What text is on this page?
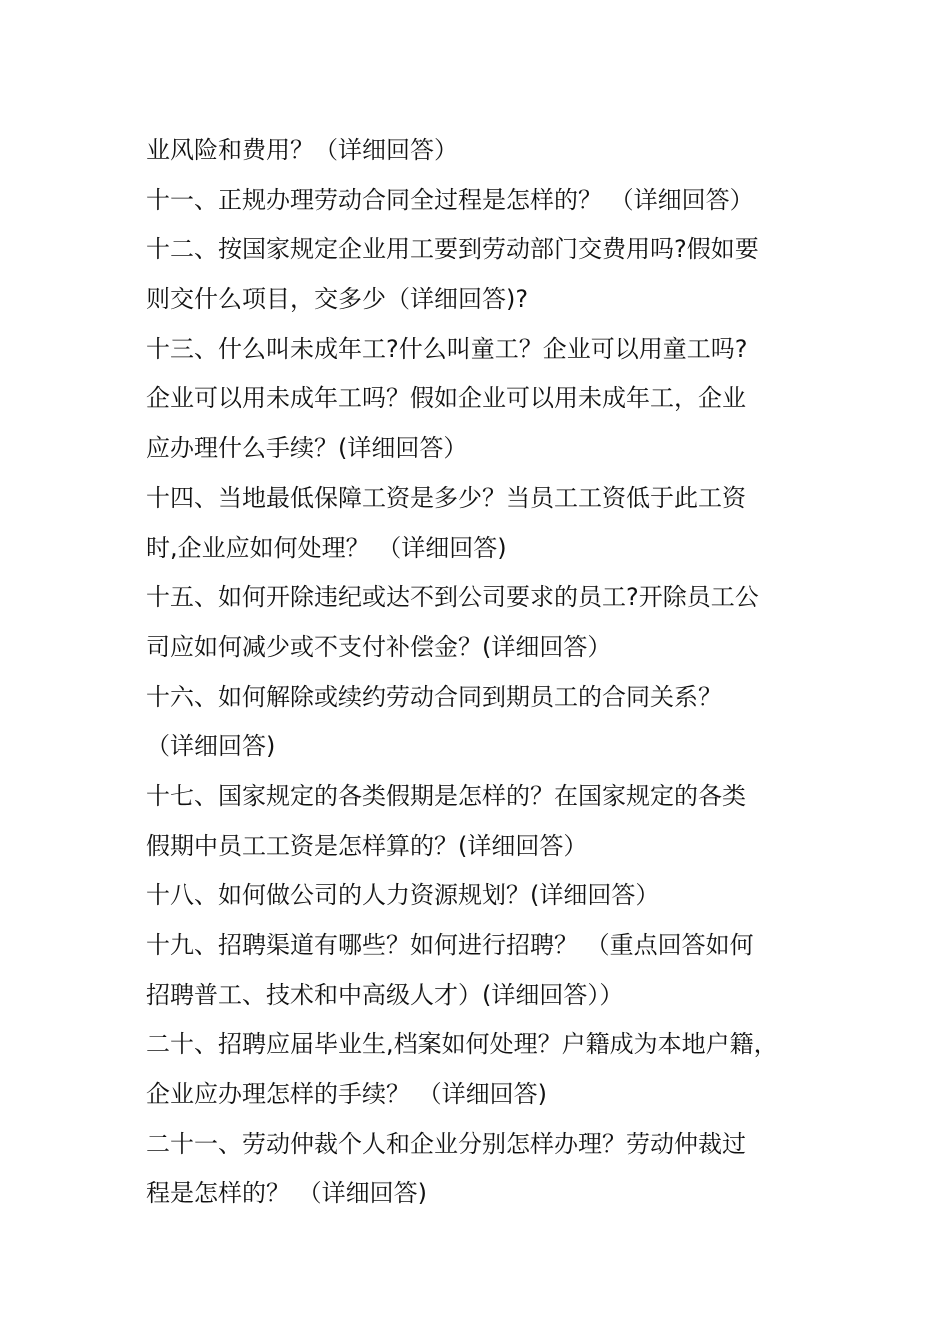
业风险和费用？（详细回答）
十一、正规办理劳动合同全过程是怎样的？ （详细回答）
十二、按国家规定企业用工要到劳动部门交费用吗?假如要
则交什么项目，交多少（详细回答)?
十三、什么叫未成年工?什么叫童工？企业可以用童工吗?
企业可以用未成年工吗？假如企业可以用未成年工，企业
应办理什么手续？(详细回答）
十四、当地最低保障工资是多少？当员工工资低于此工资
时,企业应如何处理？ （详细回答)
十五、如何开除违纪或达不到公司要求的员工?开除员工公
司应如何减少或不支付补偿金？(详细回答）
十六、如何解除或续约劳动合同到期员工的合同关系？
（详细回答)
十七、国家规定的各类假期是怎样的？在国家规定的各类
假期中员工工资是怎样算的？(详细回答）
十八、如何做公司的人力资源规划？(详细回答）
十九、招聘渠道有哪些？如何进行招聘？ （重点回答如何
招聘普工、技术和中高级人才）(详细回答））
二十、招聘应届毕业生,档案如何处理？户籍成为本地户籍，
企业应办理怎样的手续？ （详细回答)
二十一、劳动仲裁个人和企业分别怎样办理？劳动仲裁过
程是怎样的？ （详细回答)
